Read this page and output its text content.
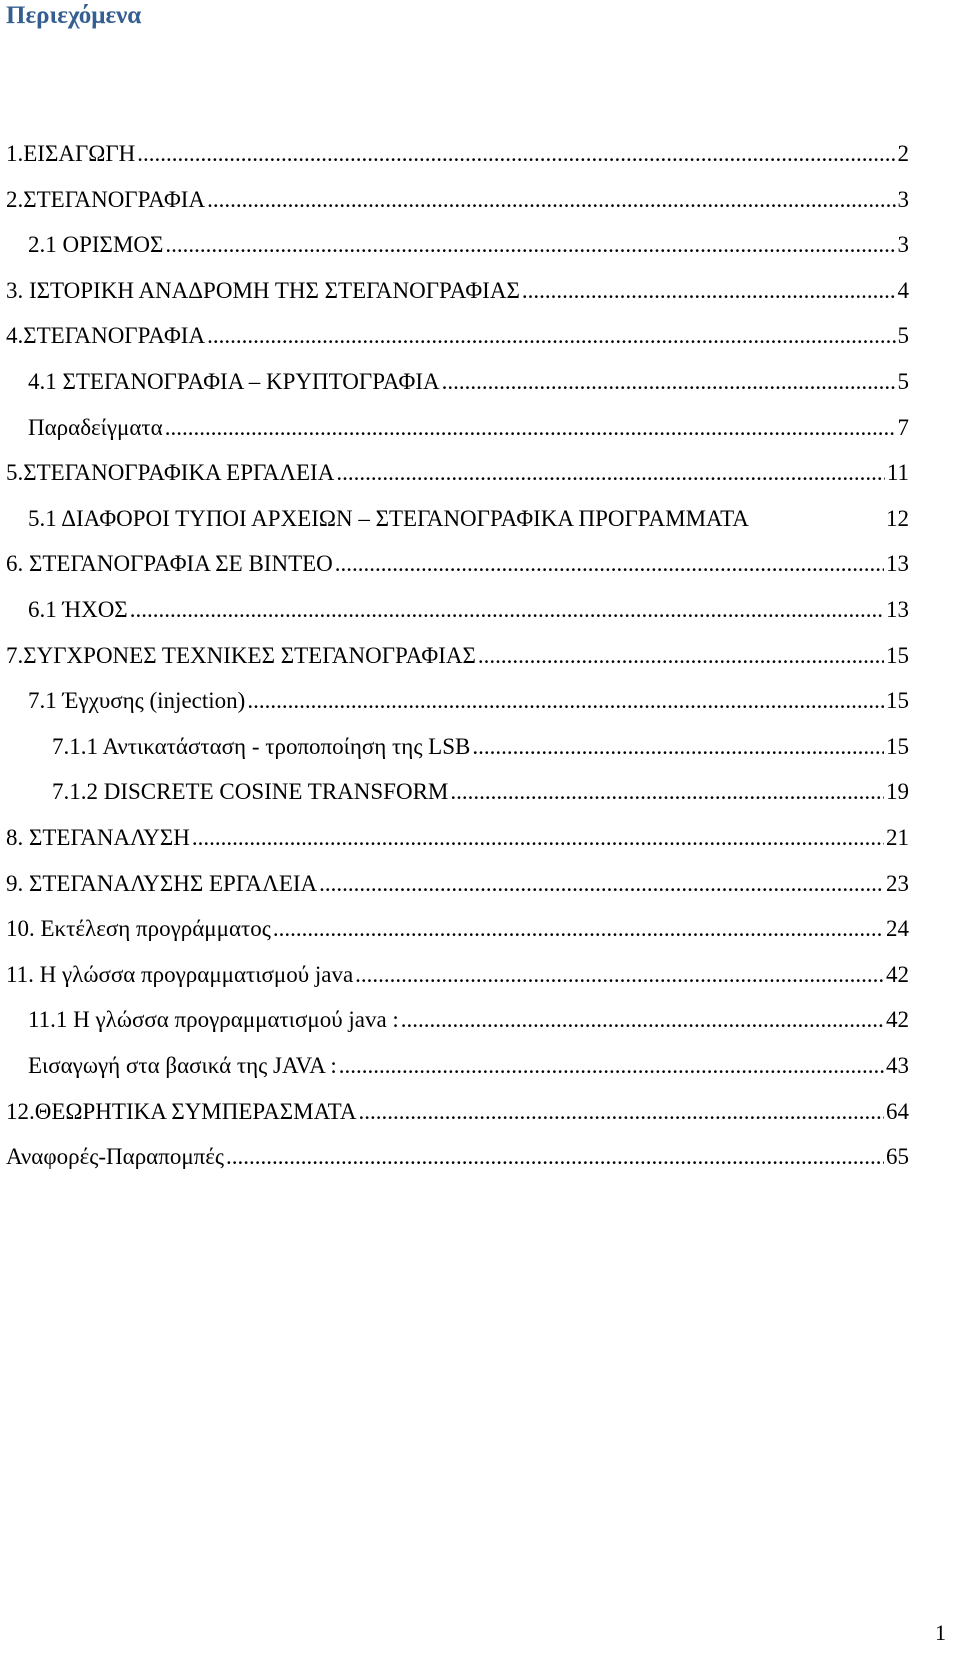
Περιεχόμενα
1.ΕΙΣΑΓΩΓΗ .....	2
2.ΣΤΕΓΑΝΟΓΡΑΦΙΑ .....	3
2.1 ΟΡΙΣΜΟΣ .....	3
3. ΙΣΤΟΡΙΚΗ ΑΝΑΔΡΟΜΗ ΤΗΣ ΣΤΕΓΑΝΟΓΡΑΦΙΑΣ .....	4
4.ΣΤΕΓΑΝΟΓΡΑΦΙΑ .....	5
4.1 ΣΤΕΓΑΝΟΓΡΑΦΙΑ – ΚΡΥΠΤΟΓΡΑΦΙΑ .....	5
Παραδείγματα .....	7
5.ΣΤΕΓΑΝΟΓΡΑΦΙΚΑ ΕΡΓΑΛΕΙΑ .....	11
5.1 ΔΙΑΦΟΡΟΙ ΤΥΠΟΙ ΑΡΧΕΙΩΝ – ΣΤΕΓΑΝΟΓΡΑΦΙΚΑ ΠΡΟΓΡΑΜΜΑΤΑ	12
6. ΣΤΕΓΑΝΟΓΡΑΦΙΑ ΣΕ ΒΙΝΤΕΟ .....	13
6.1 ΉΧΟΣ .....	13
7.ΣΥΓΧΡΟΝΕΣ ΤΕΧΝΙΚΕΣ ΣΤΕΓΑΝΟΓΡΑΦΙΑΣ .....	15
7.1 Έγχυσης (injection) .....	15
7.1.1 Αντικατάσταση - τροποποίηση της LSB .....	15
7.1.2 DISCRETE COSINE TRANSFORM .....	19
8. ΣΤΕΓΑΝΑΛΥΣΗ .....	21
9. ΣΤΕΓΑΝΑΛΥΣΗΣ ΕΡΓΑΛΕΙΑ .....	23
10. Εκτέλεση προγράμματος .....	24
11. Η γλώσσα προγραμματισμού java .....	42
11.1 Η γλώσσα προγραμματισμού java : .....	42
Εισαγωγή στα βασικά της JAVA : .....	43
12.ΘΕΩΡΗΤΙΚΑ ΣΥΜΠΕΡΑΣΜΑΤΑ .....	64
Αναφορές-Παραπομπές .....	65
1
